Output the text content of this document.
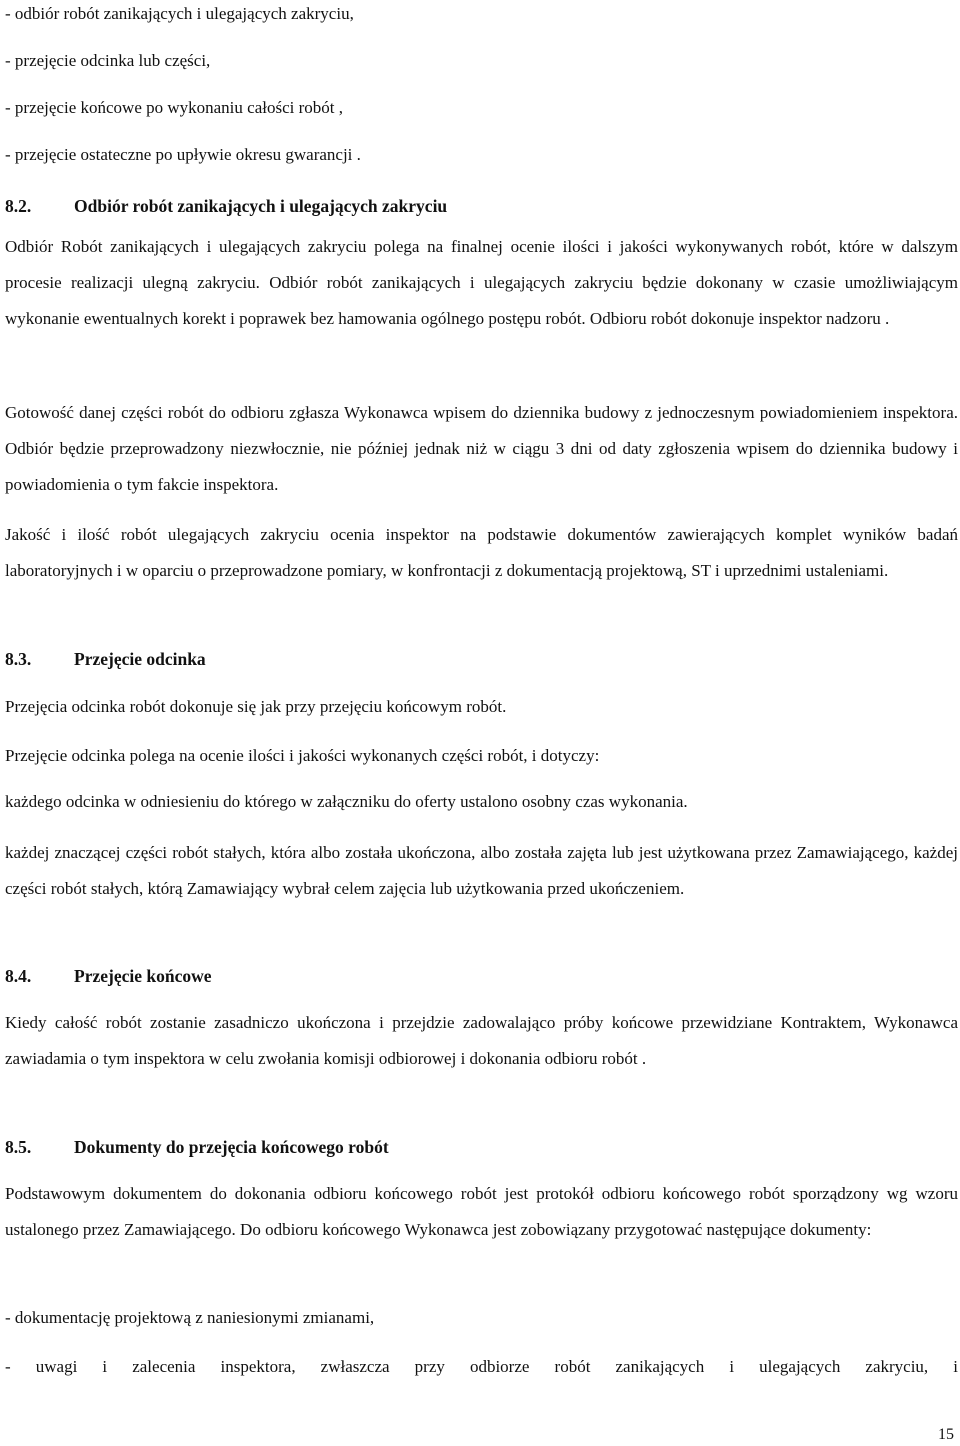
- odbiór robót zanikających i ulegających zakryciu,
- przejęcie odcinka lub części,
- przejęcie końcowe po wykonaniu całości robót ,
- przejęcie ostateczne po upływie okresu gwarancji .
8.2. Odbiór robót zanikających i ulegających zakryciu
Odbiór Robót zanikających i ulegających zakryciu polega na finalnej ocenie ilości i jakości wykonywanych robót, które w dalszym procesie realizacji ulegną zakryciu. Odbiór robót zanikających i ulegających zakryciu będzie dokonany w czasie umożliwiającym wykonanie ewentualnych korekt i poprawek bez hamowania ogólnego postępu robót. Odbioru robót dokonuje inspektor nadzoru .
Gotowość danej części robót do odbioru zgłasza Wykonawca wpisem do dziennika budowy z jednoczesnym powiadomieniem inspektora. Odbiór będzie przeprowadzony niezwłocznie, nie później jednak niż w ciągu 3 dni od daty zgłoszenia wpisem do dziennika budowy i powiadomienia o tym fakcie inspektora.
Jakość i ilość robót ulegających zakryciu ocenia inspektor na podstawie dokumentów zawierających komplet wyników badań laboratoryjnych i w oparciu o przeprowadzone pomiary, w konfrontacji z dokumentacją projektową, ST i uprzednimi ustaleniami.
8.3. Przejęcie odcinka
Przejęcia odcinka robót dokonuje się jak przy przejęciu końcowym robót.
Przejęcie odcinka polega na ocenie ilości i jakości wykonanych części robót, i dotyczy:
każdego odcinka w odniesieniu do którego w załączniku do oferty ustalono osobny czas wykonania.
każdej znaczącej części robót stałych, która albo została ukończona, albo została zajęta lub jest użytkowana przez Zamawiającego, każdej części robót stałych, którą Zamawiający wybrał celem zajęcia lub użytkowania przed ukończeniem.
8.4. Przejęcie końcowe
Kiedy całość robót zostanie zasadniczo ukończona i przejdzie zadowalająco próby końcowe przewidziane Kontraktem, Wykonawca zawiadamia o tym inspektora w celu zwołania komisji odbiorowej i dokonania odbioru robót .
8.5. Dokumenty do przejęcia końcowego robót
Podstawowym dokumentem do dokonania odbioru końcowego robót jest protokół odbioru końcowego robót sporządzony wg wzoru ustalonego przez Zamawiającego. Do odbioru końcowego Wykonawca jest zobowiązany przygotować następujące dokumenty:
- dokumentację projektową z naniesionymi zmianami,
- uwagi i zalecenia inspektora, zwłaszcza przy odbiorze robót zanikających i ulegających zakryciu, i
15
